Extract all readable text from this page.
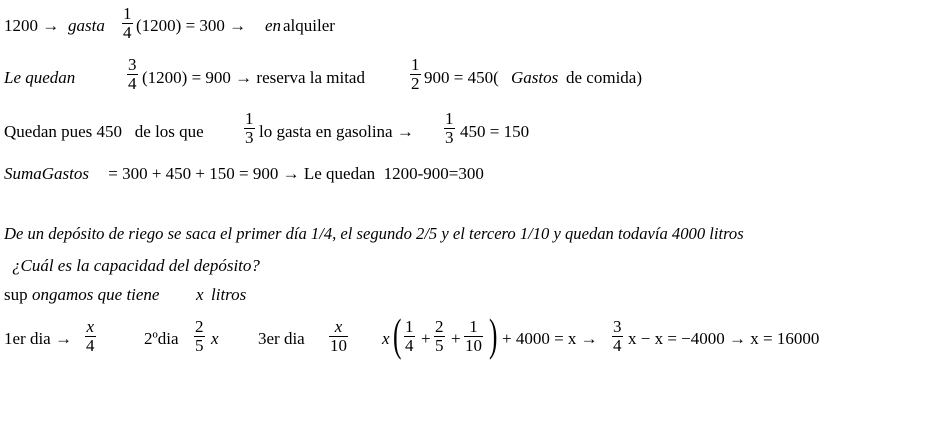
1200 → gasta
1
4 (1200) = 300 → en alquiler
Le quedan
3
4 (1200) = 900 → reserva la mitad
1
2 900 = 450( Gastos de comida)
Quedan pues 450   de los que
1
3 lo gasta en gasolina →
1
3 450 = 150
SumaGastos = 300 + 450 + 150 = 900 → Le quedan  1200-900=300
De un depósito de riego se saca el primer día 1/4, el segundo 2/5 y el tercero 1/10 y quedan todavía 4000 litros
¿Cuál es la capacidad del depósito?
sup ongamos que tiene x litros
1er dia →
x
4	2ºdia
2
5 x 3er dia
x
10 x ( 1
4 +
2
5 +
1
10 ) + 4000 = x →
3
4 x − x = −4000 → x = 16000
